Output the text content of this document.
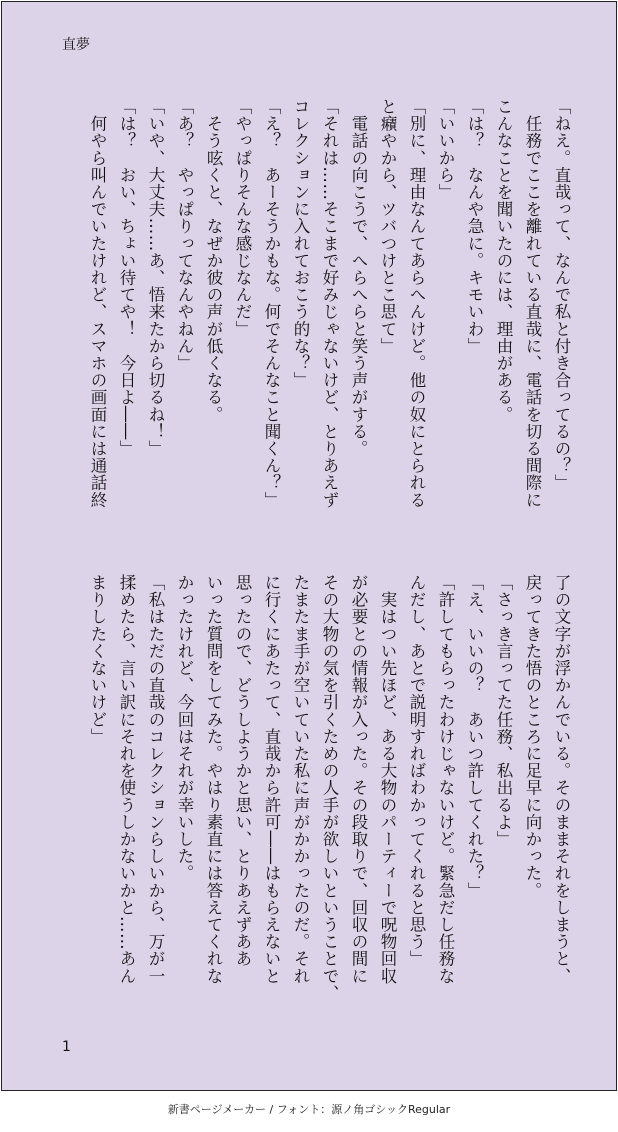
直夢
「ねえ。直哉って、なんで私と付き合ってるの？」
　任務でここを離れている直哉に、電話を切る間際に
こんなことを聞いたのには、理由がある。
「は？　なんや急に。キモいわ」
「いいから」
「別に、理由なんてあらへんけど。他の奴にとられる
と癪やから、ツバつけとこ思て」
　電話の向こうで、へらへらと笑う声がする。
「それは……そこまで好みじゃないけど、とりあえず
コレクションに入れておこう的な？」
「え？　あーそうかもな。何でそんなこと聞くん？」
「やっぱりそんな感じなんだ」
　そう呟くと、なぜか彼の声が低くなる。
「あ？　やっぱりってなんやねん」
「いや、大丈夫……あ、悟来たから切るね！」
「は？　おい、ちょい待てや！　今日よ――」
　何やら叫んでいたけれど、スマホの画面には通話終
了の文字が浮かんでいる。そのままそれをしまうと、
戻ってきた悟のところに足早に向かった。
「さっき言ってた任務、私出るよ」
「え、いいの？　あいつ許してくれた？」
「許してもらったわけじゃないけど。緊急だし任務な
んだし、あとで説明すればわかってくれると思う」
　実はつい先ほど、ある大物のパーティーで呪物回収
が必要との情報が入った。その段取りで、回収の間に
その大物の気を引くための人手が欲しいということで、
たまたま手が空いていた私に声がかかったのだ。それ
に行くにあたって、直哉から許可――はもらえないと
思ったので、どうしようかと思い、とりあえずああ
いった質問をしてみた。やはり素直には答えてくれな
かったけれど、今回はそれが幸いした。
「私はただの直哉のコレクションらしいから、万が一
揉めたら、言い訳にそれを使うしかないかと……あん
まりしたくないけど」
1
新書ページメーカー / フォント：源ノ角ゴシックRegular
